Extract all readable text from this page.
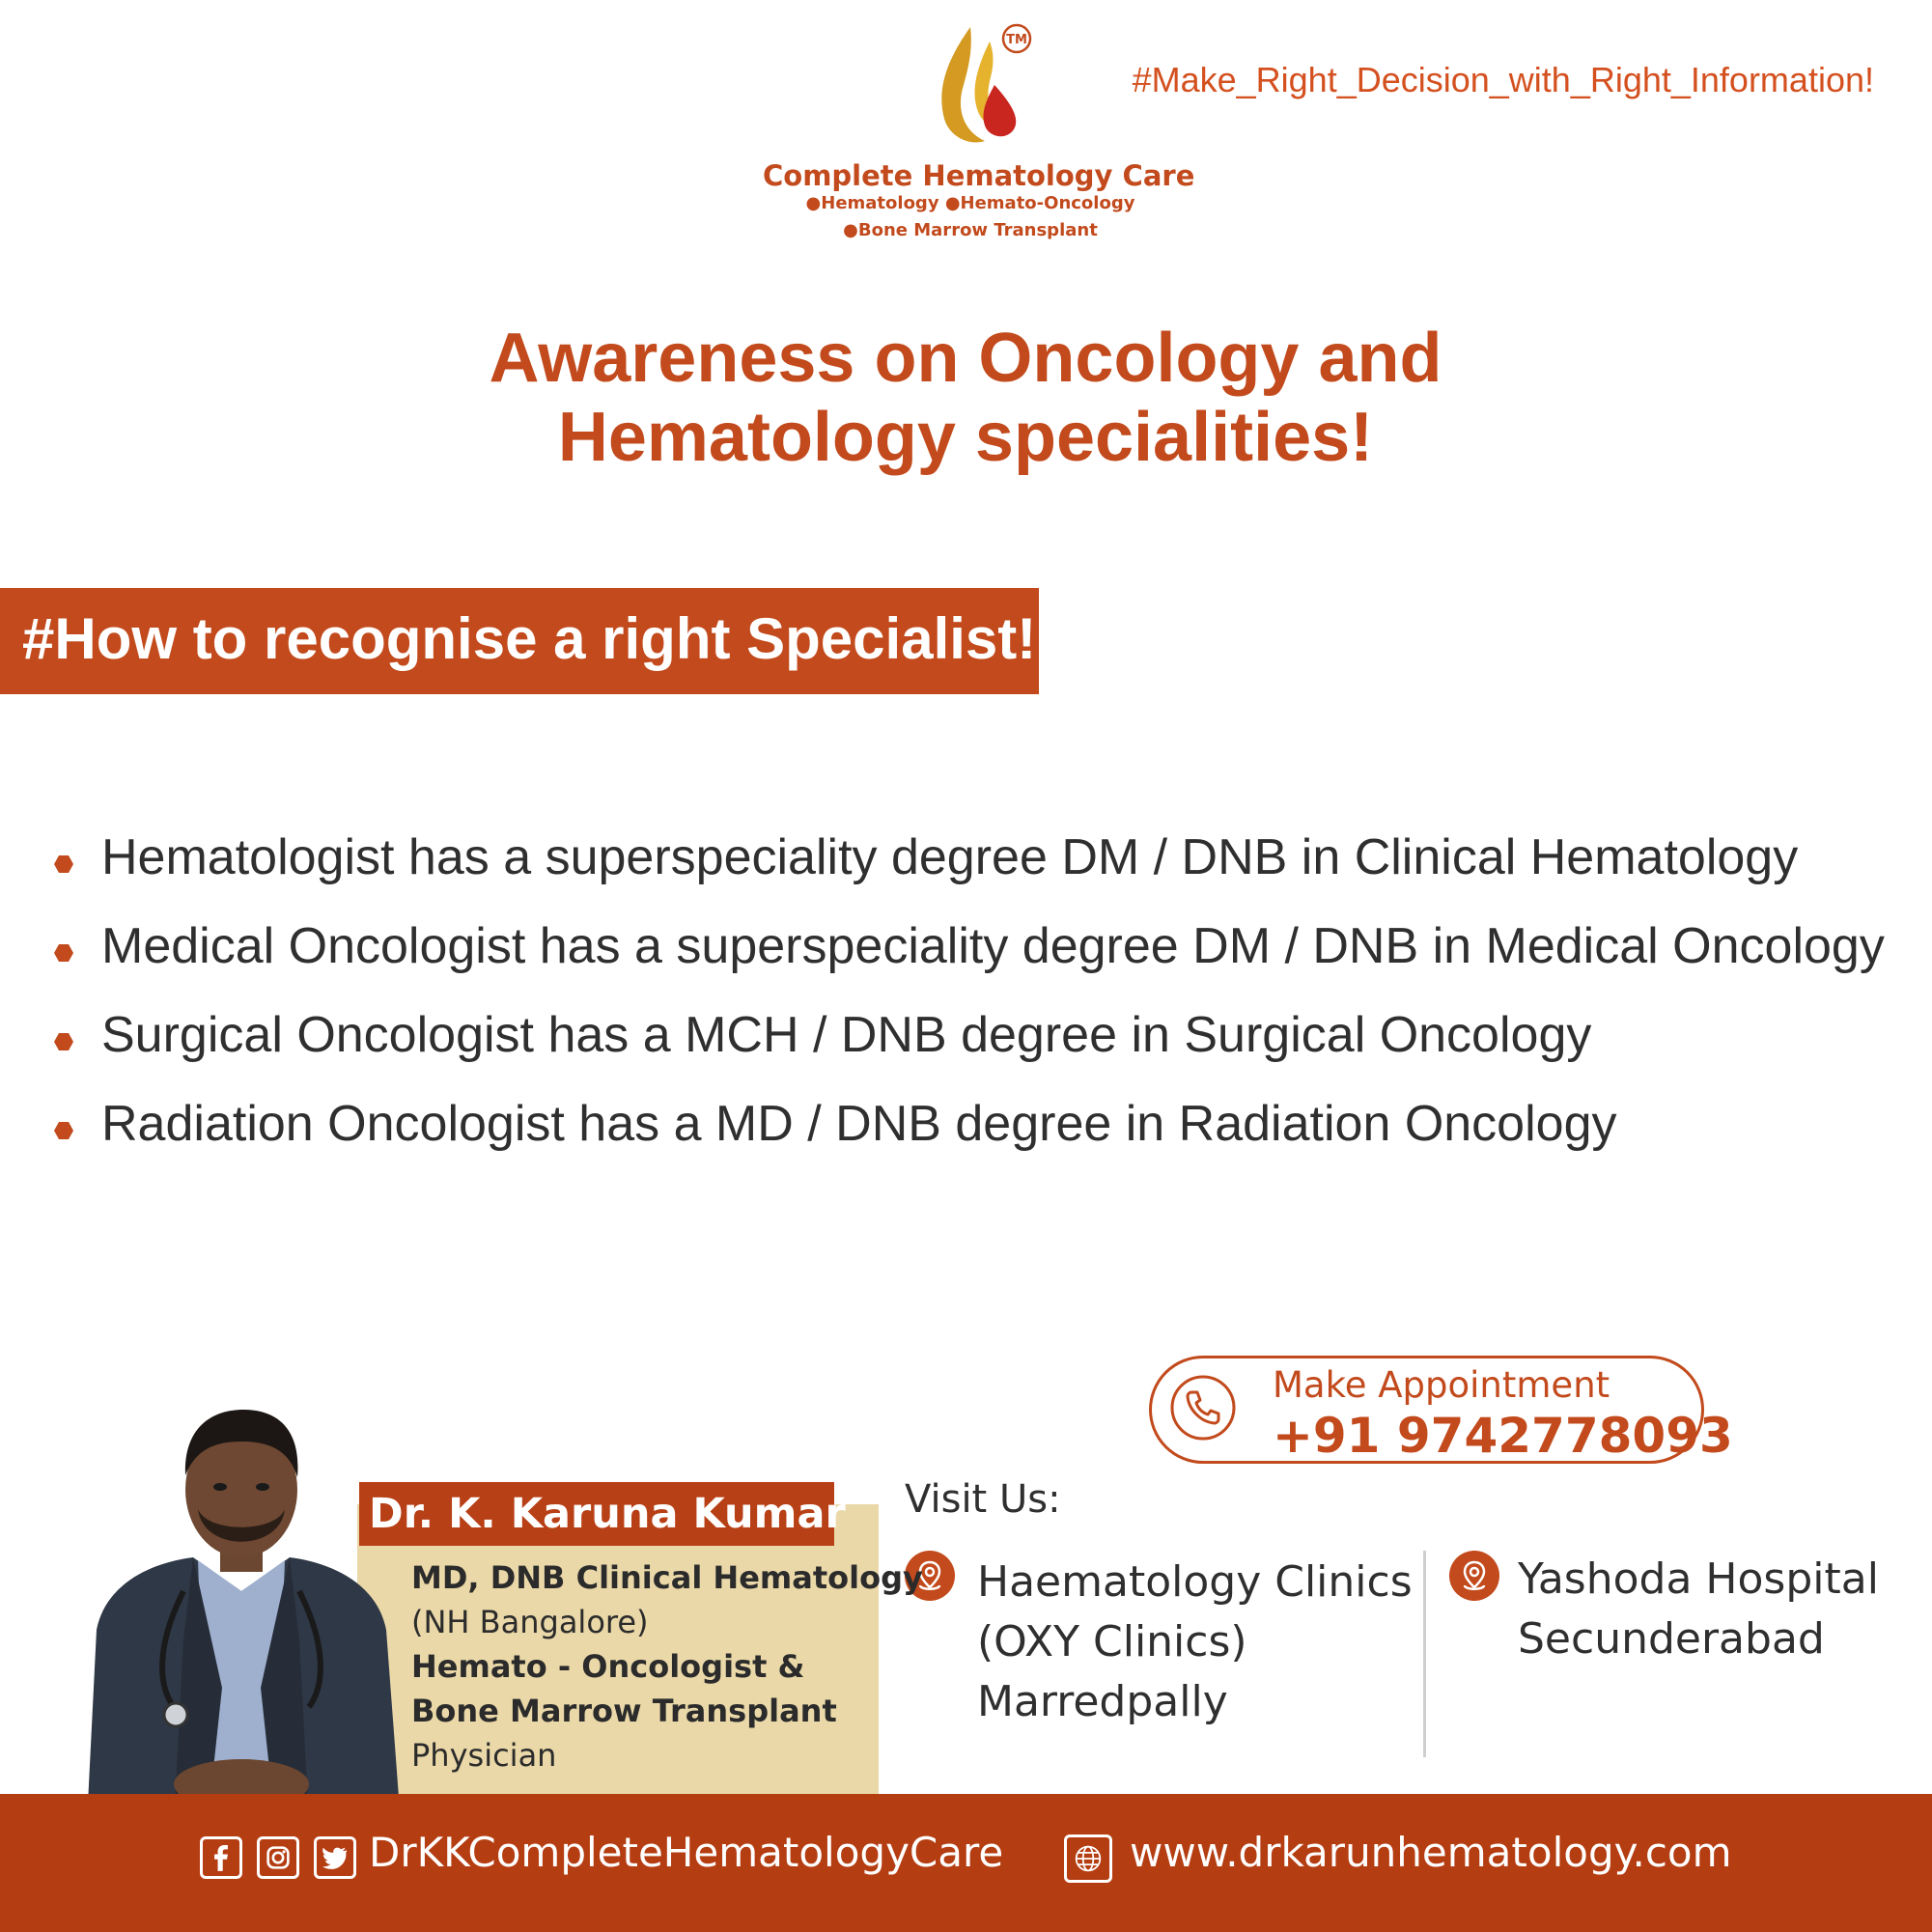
TM
Complete Hematology Care
●Hematology ●Hemato-Oncology
●Bone Marrow Transplant
#Make_Right_Decision_with_Right_Information!
Awareness on Oncology and
Hematology specialities!
#How to recognise a right Specialist!
Hematologist has a superspeciality degree DM / DNB in Clinical Hematology
Medical Oncologist has a superspeciality degree DM / DNB in Medical Oncology
Surgical Oncologist has a MCH / DNB degree in Surgical Oncology
Radiation Oncologist has a MD / DNB degree in Radiation Oncology
Make Appointment
+91 9742778093
Visit Us:
Haematology Clinics
(OXY Clinics)
Marredpally
Yashoda Hospital
Secunderabad
Dr. K. Karuna Kumar
MD, DNB Clinical Hematology
(NH Bangalore)
Hemato - Oncologist &
Bone Marrow Transplant
Physician
DrKKCompleteHematologyCare	www.drkarunhematology.com
